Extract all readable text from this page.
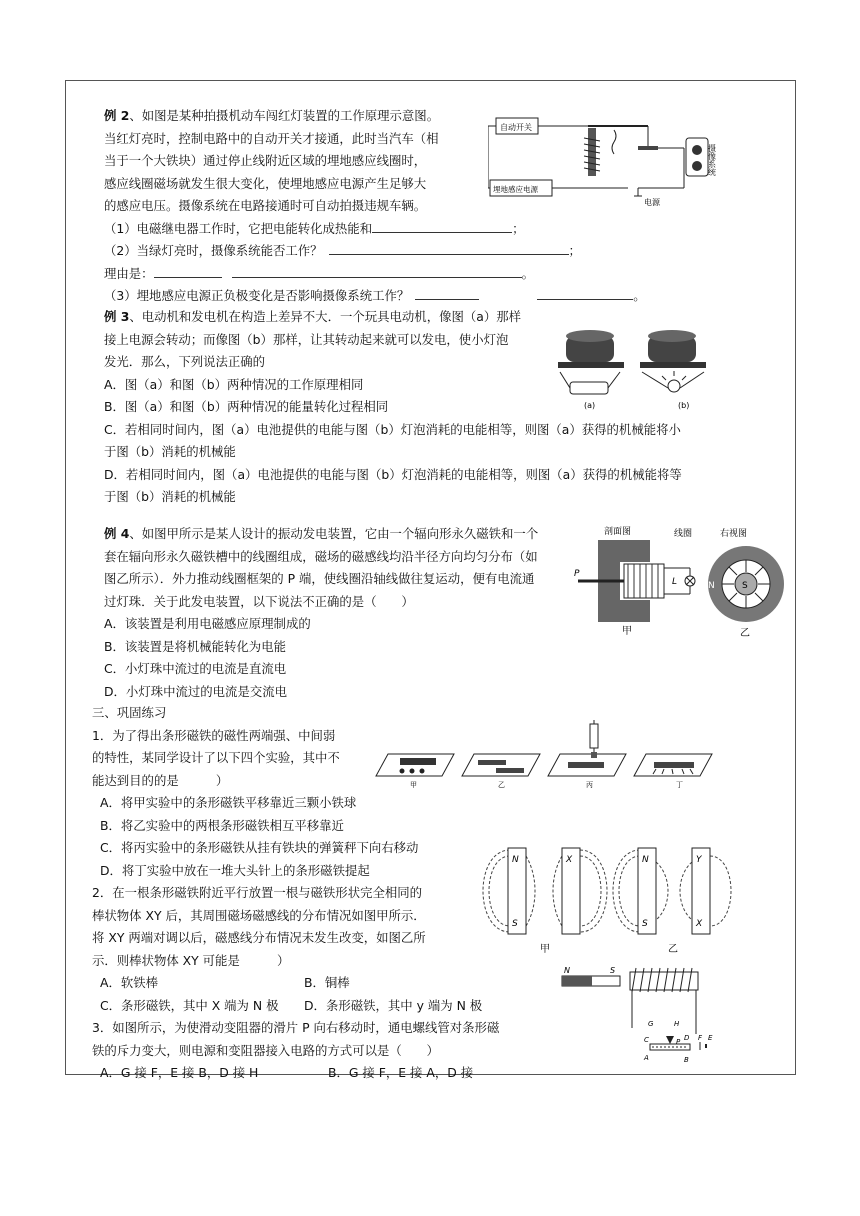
例 2、如图是某种拍摄机动车闯红灯装置的工作原理示意图。

当红灯亮时，控制电路中的自动开关才接通，此时当汽车（相

当于一个大铁块）通过停止线附近区域的埋地感应线圈时，

感应线圈磁场就发生很大变化，使埋地感应电源产生足够大

的感应电压。摄像系统在电路接通时可自动拍摄违规车辆。

（1）电磁继电器工作时，它把电能转化成热能和	；

（2）当绿灯亮时，摄像系统能否工作？	；

理由是：	。

（3）埋地感应电源正负极变化是否影响摄像系统工作？	。

自动开关
埋地感应电源
摄像系统
电源

例 3、电动机和发电机在构造上差异不大．一个玩具电动机，像图（a）那样

接上电源会转动；而像图（b）那样，让其转动起来就可以发电，使小灯泡

发光．那么，下列说法正确的

A．图（a）和图（b）两种情况的工作原理相同

B．图（a）和图（b）两种情况的能量转化过程相同

C．若相同时间内，图（a）电池提供的电能与图（b）灯泡消耗的电能相等，则图（a）获得的机械能将小

于图（b）消耗的机械能

D．若相同时间内，图（a）电池提供的电能与图（b）灯泡消耗的电能相等，则图（a）获得的机械能将等

于图（b）消耗的机械能

(a)	(b)

例 4、如图甲所示是某人设计的振动发电装置，它由一个辐向形永久磁铁和一个

套在辐向形永久磁铁槽中的线圈组成，磁场的磁感线均沿半径方向均匀分布（如

图乙所示）．外力推动线圈框架的 P 端，使线圈沿轴线做往复运动，便有电流通

过灯珠．关于此发电装置，以下说法不正确的是（　　）

A．该装置是利用电磁感应原理制成的

B．该装置是将机械能转化为电能

C．小灯珠中流过的电流是直流电

D．小灯珠中流过的电流是交流电

剖面图	线圈	右视图
P
L
甲
S
N
乙

三、巩固练习

1．为了得出条形磁铁的磁性两端强、中间弱

的特性，某同学设计了以下四个实验，其中不

能达到目的的是　　　）

A．将甲实验中的条形磁铁平移靠近三颗小铁球

B．将乙实验中的两根条形磁铁相互平移靠近

C．将丙实验中的条形磁铁从挂有铁块的弹簧秤下向右移动

D．将丁实验中放在一堆大头针上的条形磁铁提起

2．在一根条形磁铁附近平行放置一根与磁铁形状完全相同的

棒状物体 XY 后，其周围磁场磁感线的分布情况如图甲所示．

将 XY 两端对调以后，磁感线分布情况未发生改变，如图乙所

示．则棒状物体 XY 可能是　　　）

A．软铁棒	B．铜棒

C．条形磁铁，其中 X 端为 N 极 D．条形磁铁，其中 y 端为 N 极

3．如图所示，为使滑动变阻器的滑片 P 向右移动时，通电螺线管对条形磁

铁的斥力变大，则电源和变阻器接入电路的方式可以是（　　）

A．G 接 F，E 接 B，D 接 H	B．G 接 F，E 接 A，D 接

甲	乙	丙	丁
N
S
X
甲
N
S
Y
X
乙
N	S
G	H
C	D F E
P
A	B
